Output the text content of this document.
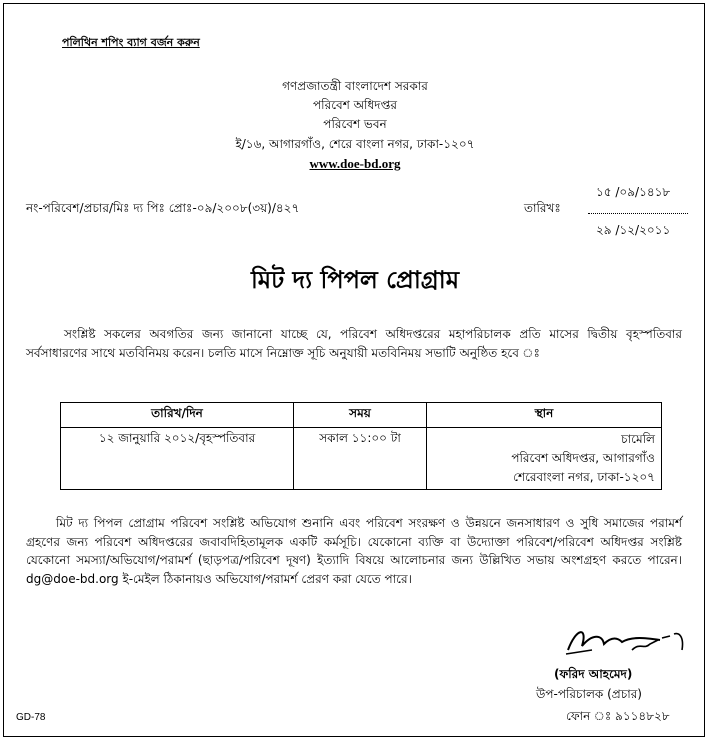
পলিথিন শপিং ব্যাগ বর্জন করুন
গণপ্রজাতন্ত্রী বাংলাদেশ সরকার
পরিবেশ অধিদপ্তর
পরিবেশ ভবন
ই/১৬, আগারগাঁও, শেরে বাংলা নগর, ঢাকা-১২০৭
www.doe-bd.org
১৫ /০৯/১৪১৮
নং-পরিবেশ/প্রচার/মিঃ দ্য পিঃ প্রোঃ-০৯/২০০৮(৩য়)/৪২৭	তারিখঃ
২৯ /১২/২০১১
মিট দ্য পিপল প্রোগ্রাম
সংশ্লিষ্ট সকলের অবগতির জন্য জানানো যাচ্ছে যে, পরিবেশ অধিদপ্তরের মহাপরিচালক প্রতি মাসের দ্বিতীয় বৃহস্পতিবার সর্বসাধারণের সাথে মতবিনিময় করেন। চলতি মাসে নিম্নোক্ত সূচি অনুযায়ী মতবিনিময় সভাটি অনুষ্ঠিত হবে ঃ
তারিখ/দিন	সময়	স্থান
১২ জানুয়ারি ২০১২/বৃহস্পতিবার	সকাল ১১:০০ টা	চামেলি
পরিবেশ অধিদপ্তর, আগারগাঁও
শেরেবাংলা নগর, ঢাকা-১২০৭
মিট দ্য পিপল প্রোগ্রাম পরিবেশ সংশ্লিষ্ট অভিযোগ শুনানি এবং পরিবেশ সংরক্ষণ ও উন্নয়নে জনসাধারণ ও সুধি সমাজের পরামর্শ গ্রহণের জন্য পরিবেশ অধিদপ্তরের জবাবদিহিতামূলক একটি কর্মসূচি। যেকোনো ব্যক্তি বা উদ্যোক্তা পরিবেশ/পরিবেশ অধিদপ্তর সংশ্লিষ্ট যেকোনো সমস্যা/অভিযোগ/পরামর্শ (ছাড়পত্র/পরিবেশ দূষণ) ইত্যাদি বিষয়ে আলোচনার জন্য উল্লিখিত সভায় অংশগ্রহণ করতে পারেন। dg@doe-bd.org ই-মেইল ঠিকানায়ও অভিযোগ/পরামর্শ প্রেরণ করা যেতে পারে।
(ফরিদ আহমেদ)
উপ-পরিচালক (প্রচার)
ফোন ঃ ৯১১৪৮২৮
GD-78
